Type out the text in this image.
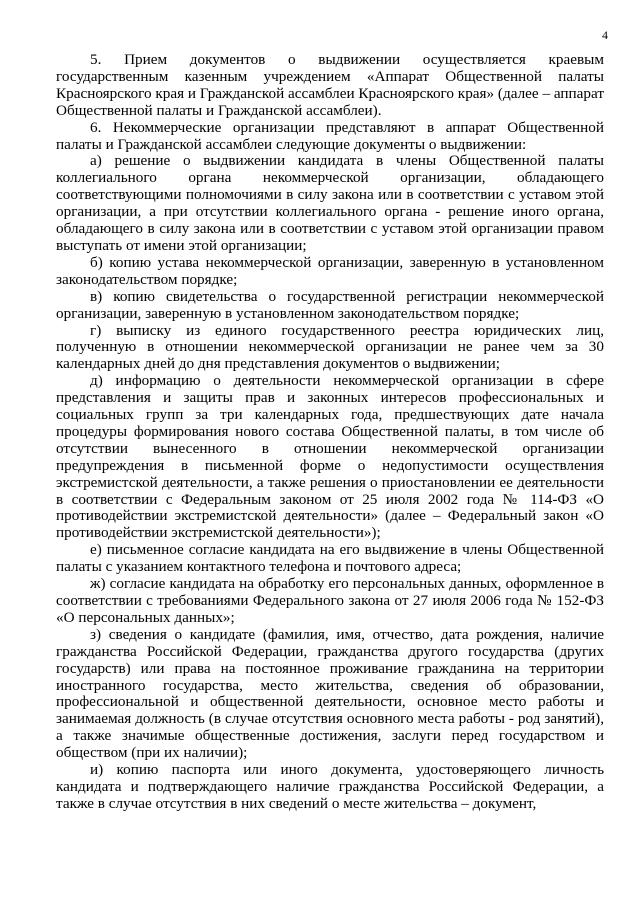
4

5. Прием документов о выдвижении осуществляется краевым государственным казенным учреждением «Аппарат Общественной палаты Красноярского края и Гражданской ассамблеи Красноярского края» (далее – аппарат Общественной палаты и Гражданской ассамблеи).

6. Некоммерческие организации представляют в аппарат Общественной палаты и Гражданской ассамблеи следующие документы о выдвижении:

а) решение о выдвижении кандидата в члены Общественной палаты коллегиального органа некоммерческой организации, обладающего соответствующими полномочиями в силу закона или в соответствии с уставом этой организации, а при отсутствии коллегиального органа - решение иного органа, обладающего в силу закона или в соответствии с уставом этой организации правом выступать от имени этой организации;

б) копию устава некоммерческой организации, заверенную в установленном законодательством порядке;

в) копию свидетельства о государственной регистрации некоммерческой организации, заверенную в установленном законодательством порядке;

г) выписку из единого государственного реестра юридических лиц, полученную в отношении некоммерческой организации не ранее чем за 30 календарных дней до дня представления документов о выдвижении;

д) информацию о деятельности некоммерческой организации в сфере представления и защиты прав и законных интересов профессиональных и социальных групп за три календарных года, предшествующих дате начала процедуры формирования нового состава Общественной палаты, в том числе об отсутствии вынесенного в отношении некоммерческой организации предупреждения в письменной форме о недопустимости осуществления экстремистской деятельности, а также решения о приостановлении ее деятельности в соответствии с Федеральным законом от 25 июля 2002 года № 114-ФЗ «О противодействии экстремистской деятельности» (далее – Федеральный закон «О противодействии экстремистской деятельности»);

е) письменное согласие кандидата на его выдвижение в члены Общественной палаты с указанием контактного телефона и почтового адреса;

ж) согласие кандидата на обработку его персональных данных, оформленное в соответствии с требованиями Федерального закона от 27 июля 2006 года № 152-ФЗ «О персональных данных»;

з) сведения о кандидате (фамилия, имя, отчество, дата рождения, наличие гражданства Российской Федерации, гражданства другого государства (других государств) или права на постоянное проживание гражданина на территории иностранного государства, место жительства, сведения об образовании, профессиональной и общественной деятельности, основное место работы и занимаемая должность (в случае отсутствия основного места работы - род занятий), а также значимые общественные достижения, заслуги перед государством и обществом (при их наличии);

и) копию паспорта или иного документа, удостоверяющего личность кандидата и подтверждающего наличие гражданства Российской Федерации, а также в случае отсутствия в них сведений о месте жительства – документ,
